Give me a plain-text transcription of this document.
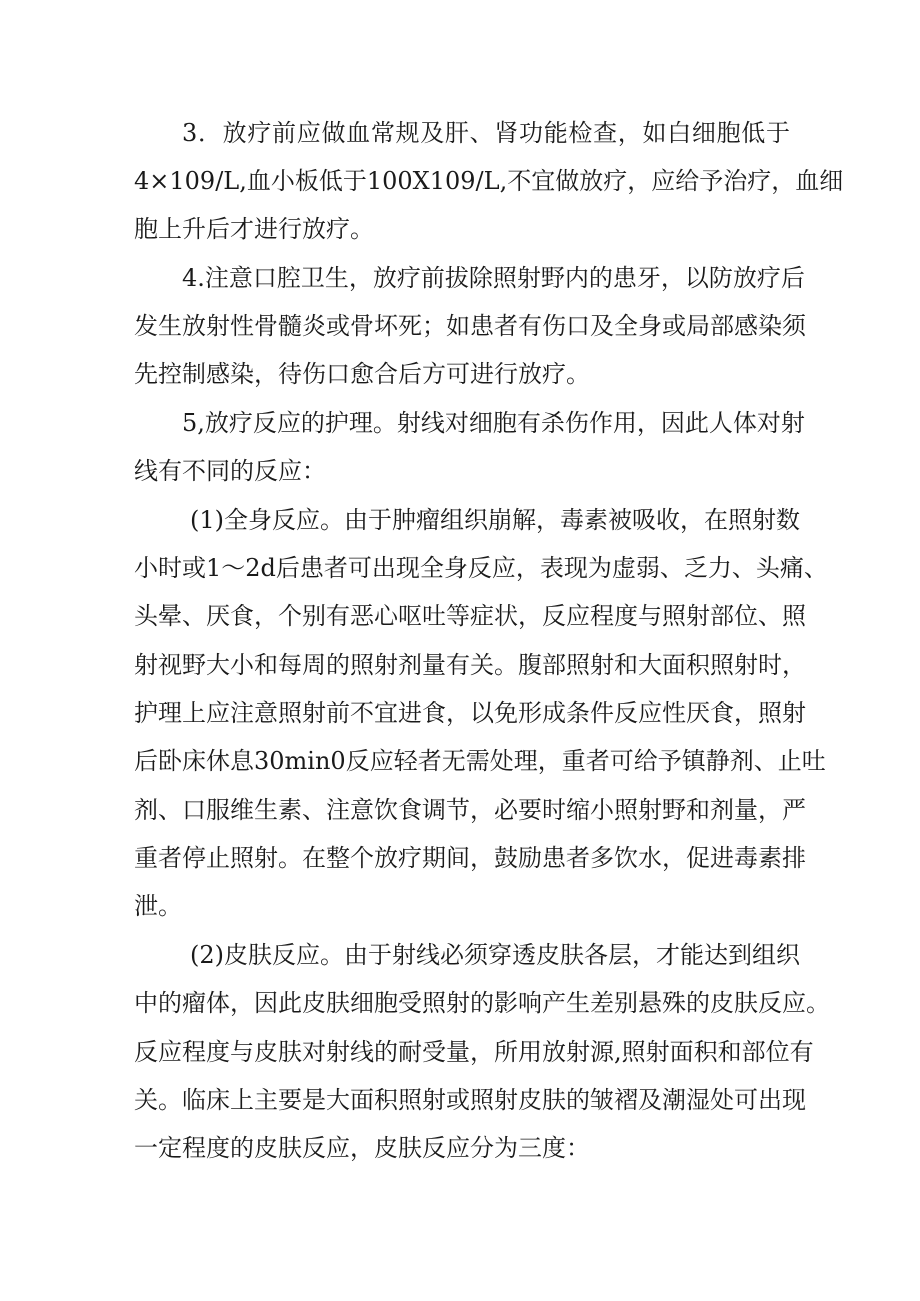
3．放疗前应做血常规及肝、肾功能检查，如白细胞低于
4×109/L,血小板低于100X109/L,不宜做放疗，应给予治疗，血细
胞上升后才进行放疗。
4.注意口腔卫生，放疗前拔除照射野内的患牙，以防放疗后
发生放射性骨髓炎或骨坏死；如患者有伤口及全身或局部感染须
先控制感染，待伤口愈合后方可进行放疗。
5,放疗反应的护理。射线对细胞有杀伤作用，因此人体对射
线有不同的反应：
(1)全身反应。由于肿瘤组织崩解，毒素被吸收，在照射数
小时或1～2d后患者可出现全身反应，表现为虚弱、乏力、头痛、
头晕、厌食，个别有恶心呕吐等症状，反应程度与照射部位、照
射视野大小和每周的照射剂量有关。腹部照射和大面积照射时，
护理上应注意照射前不宜进食，以免形成条件反应性厌食，照射
后卧床休息30min0反应轻者无需处理，重者可给予镇静剂、止吐
剂、口服维生素、注意饮食调节，必要时缩小照射野和剂量，严
重者停止照射。在整个放疗期间，鼓励患者多饮水，促进毒素排
泄。
(2)皮肤反应。由于射线必须穿透皮肤各层，才能达到组织
中的瘤体，因此皮肤细胞受照射的影响产生差别悬殊的皮肤反应。
反应程度与皮肤对射线的耐受量，所用放射源,照射面积和部位有
关。临床上主要是大面积照射或照射皮肤的皱褶及潮湿处可出现
一定程度的皮肤反应，皮肤反应分为三度：
